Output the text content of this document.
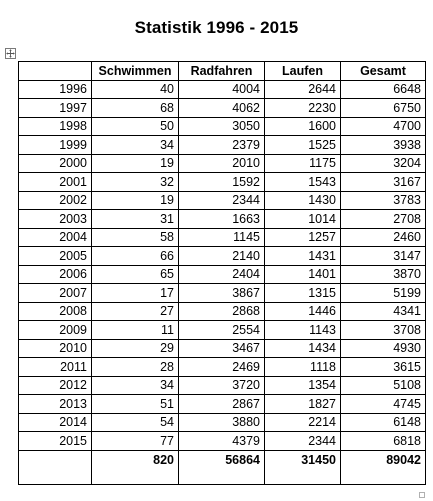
Statistik 1996 - 2015
	Schwimmen	Radfahren	Laufen	Gesamt
1996	40	4004	2644	6648
1997	68	4062	2230	6750
1998	50	3050	1600	4700
1999	34	2379	1525	3938
2000	19	2010	1175	3204
2001	32	1592	1543	3167
2002	19	2344	1430	3783
2003	31	1663	1014	2708
2004	58	1145	1257	2460
2005	66	2140	1431	3147
2006	65	2404	1401	3870
2007	17	3867	1315	5199
2008	27	2868	1446	4341
2009	11	2554	1143	3708
2010	29	3467	1434	4930
2011	28	2469	1118	3615
2012	34	3720	1354	5108
2013	51	2867	1827	4745
2014	54	3880	2214	6148
2015	77	4379	2344	6818
	820	56864	31450	89042
